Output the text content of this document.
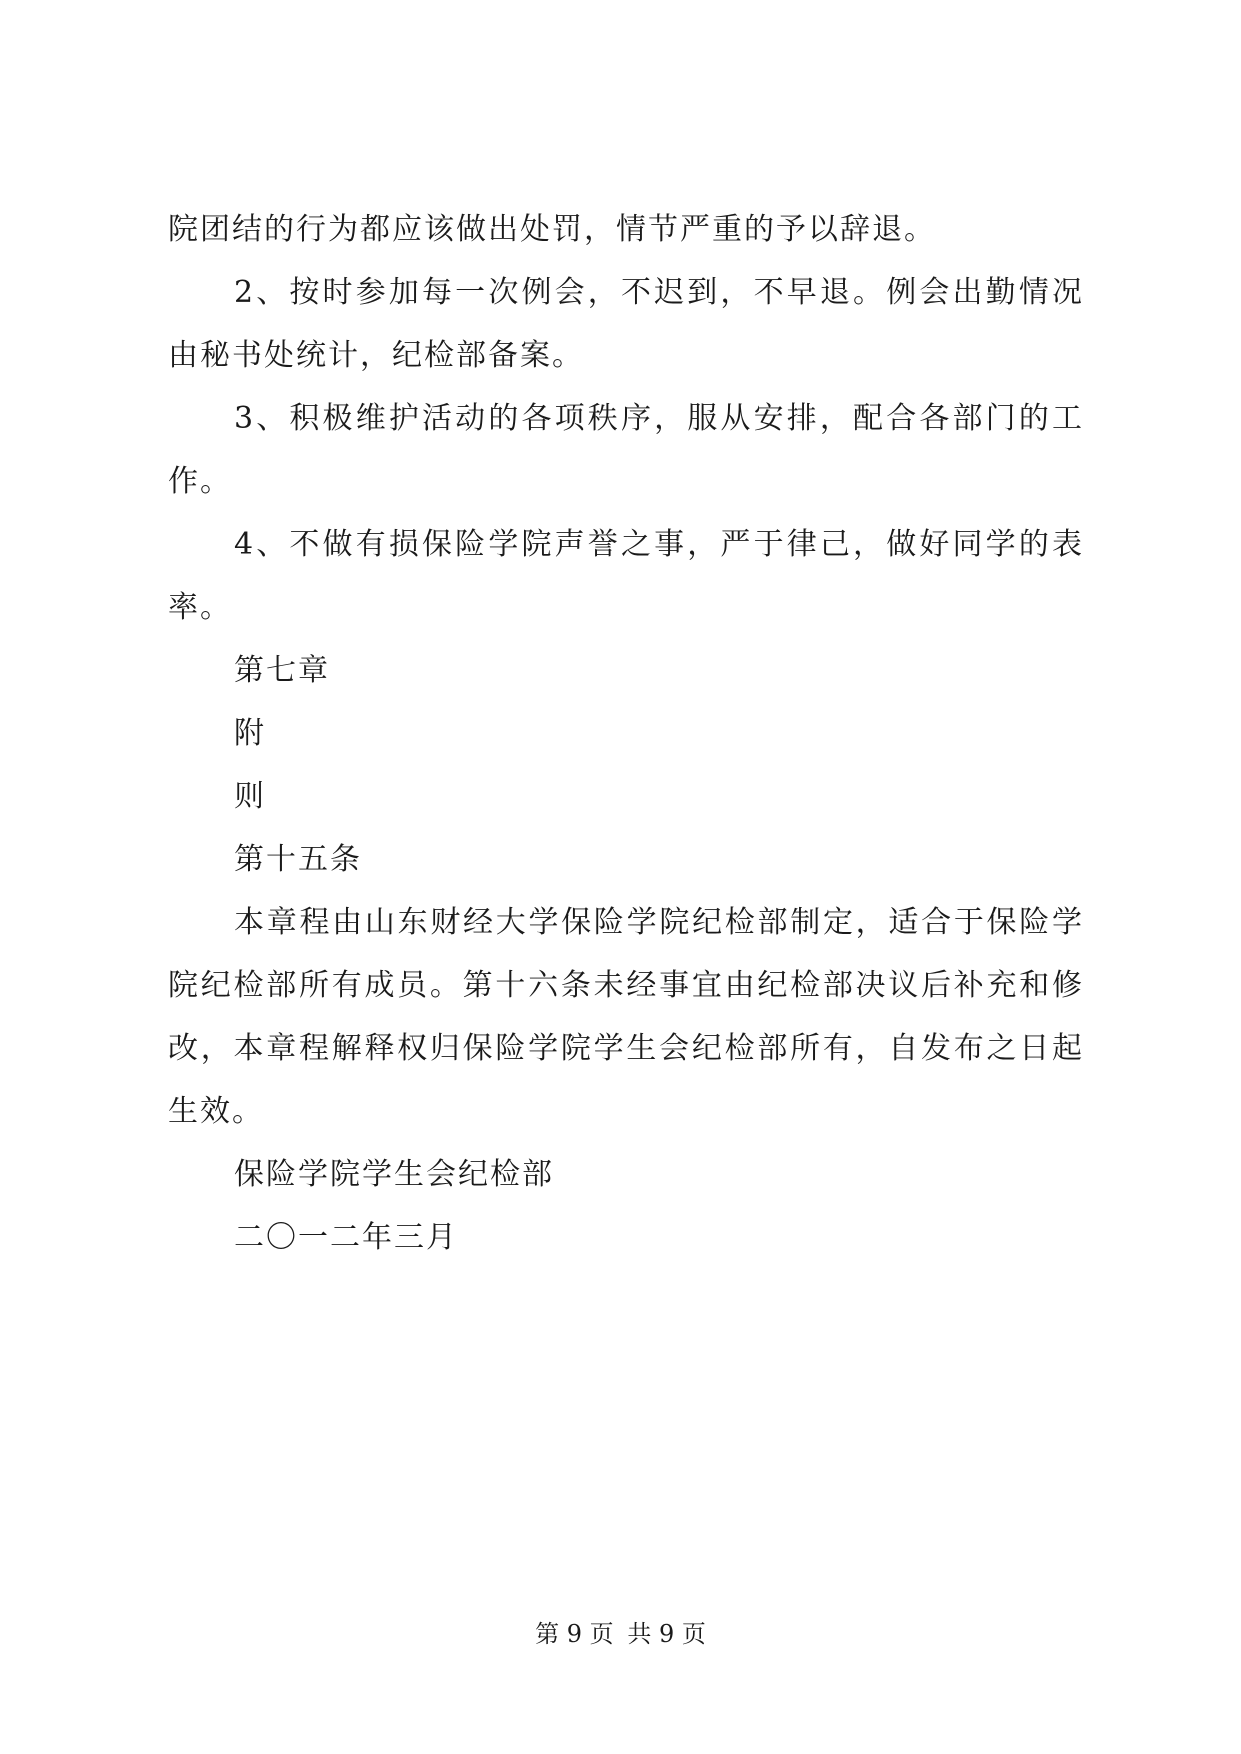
院团结的行为都应该做出处罚，情节严重的予以辞退。

2、按时参加每一次例会，不迟到，不早退。例会出勤情况由秘书处统计，纪检部备案。

3、积极维护活动的各项秩序，服从安排，配合各部门的工作。

4、不做有损保险学院声誉之事，严于律己，做好同学的表率。

第七章

附

则

第十五条

本章程由山东财经大学保险学院纪检部制定，适合于保险学院纪检部所有成员。第十六条未经事宜由纪检部决议后补充和修改，本章程解释权归保险学院学生会纪检部所有，自发布之日起生效。

保险学院学生会纪检部

二〇一二年三月

第 9 页 共 9 页
